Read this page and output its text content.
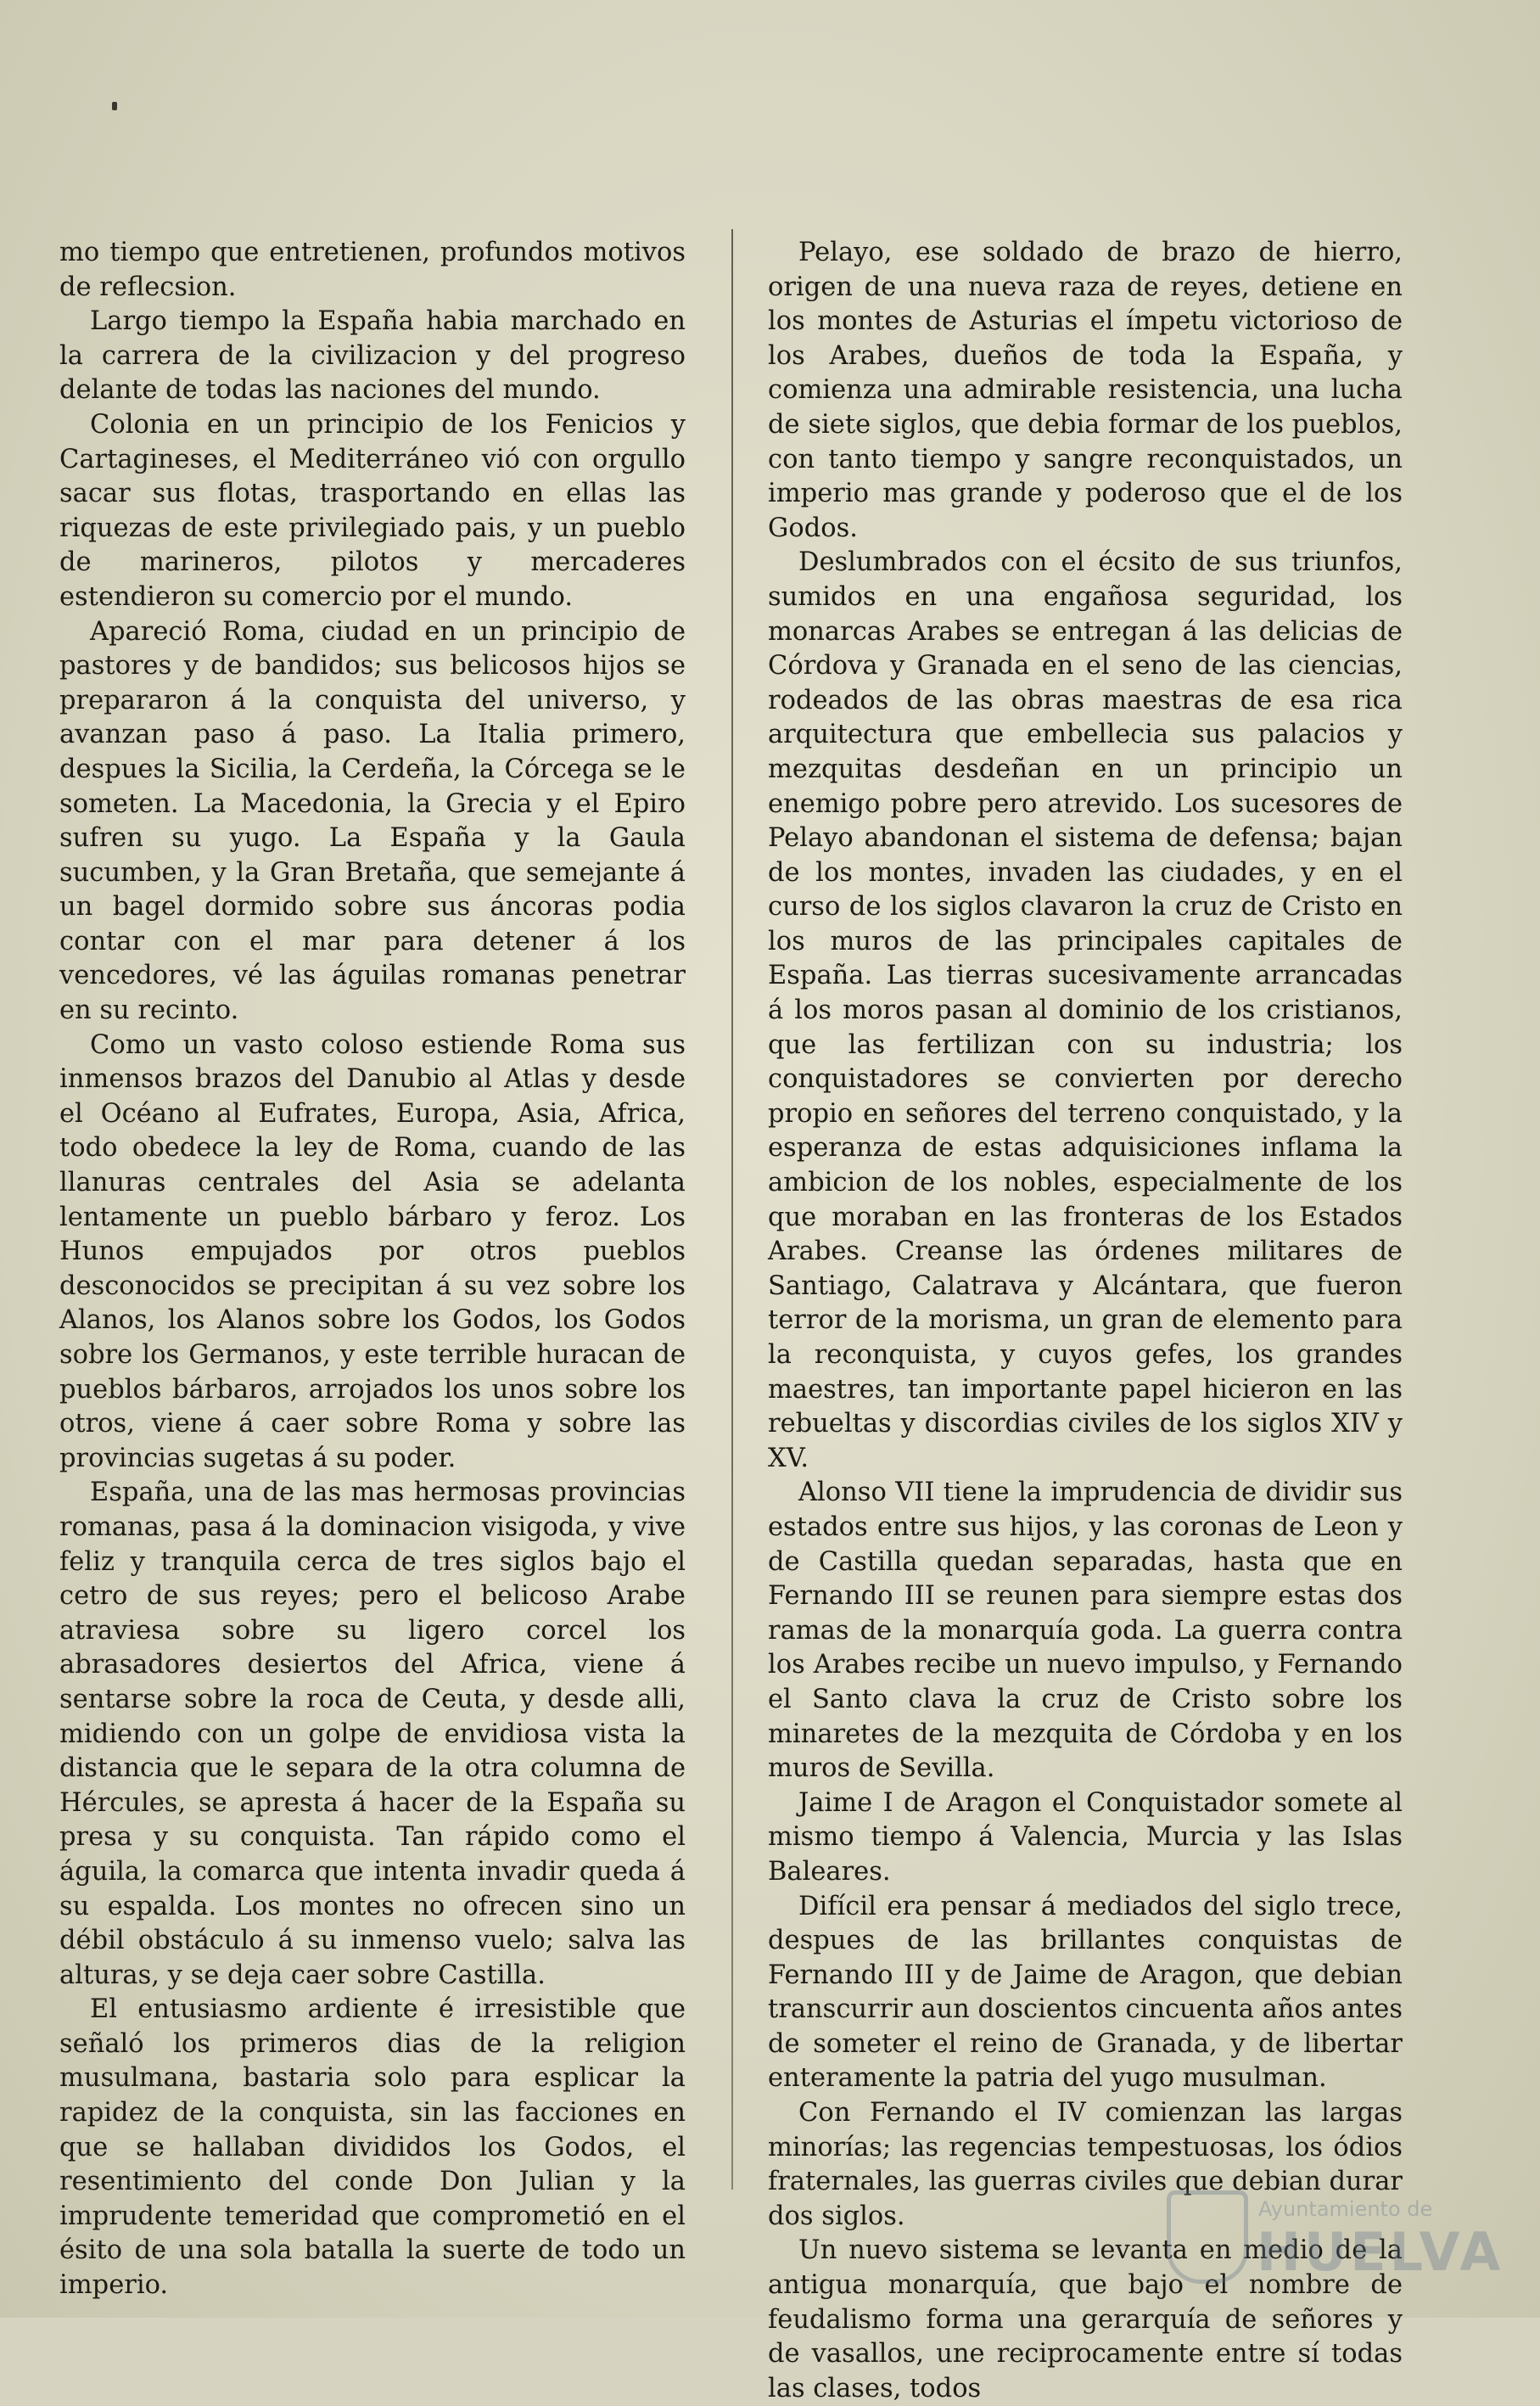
mo tiempo que entretienen, profundos motivos de reflecsion.

Largo tiempo la España habia marchado en la carrera de la civilizacion y del progreso delante de todas las naciones del mundo.

Colonia en un principio de los Fenicios y Cartagineses, el Mediterráneo vió con orgullo sacar sus flotas, trasportando en ellas las riquezas de este privilegiado pais, y un pueblo de marineros, pilotos y mercaderes estendieron su comercio por el mundo.

Apareció Roma, ciudad en un principio de pastores y de bandidos; sus belicosos hijos se prepararon á la conquista del universo, y avanzan paso á paso. La Italia primero, despues la Sicilia, la Cerdeña, la Córcega se le someten. La Macedonia, la Grecia y el Epiro sufren su yugo. La España y la Gaula sucumben, y la Gran Bretaña, que semejante á un bagel dormido sobre sus áncoras podia contar con el mar para detener á los vencedores, vé las águilas romanas penetrar en su recinto.

Como un vasto coloso estiende Roma sus inmensos brazos del Danubio al Atlas y desde el Océano al Eufrates, Europa, Asia, Africa, todo obedece la ley de Roma, cuando de las llanuras centrales del Asia se adelanta lentamente un pueblo bárbaro y feroz. Los Hunos empujados por otros pueblos desconocidos se precipitan á su vez sobre los Alanos, los Alanos sobre los Godos, los Godos sobre los Germanos, y este terrible huracan de pueblos bárbaros, arrojados los unos sobre los otros, viene á caer sobre Roma y sobre las provincias sugetas á su poder.

España, una de las mas hermosas provincias romanas, pasa á la dominacion visigoda, y vive feliz y tranquila cerca de tres siglos bajo el cetro de sus reyes; pero el belicoso Arabe atraviesa sobre su ligero corcel los abrasadores desiertos del Africa, viene á sentarse sobre la roca de Ceuta, y desde alli, midiendo con un golpe de envidiosa vista la distancia que le separa de la otra columna de Hércules, se apresta á hacer de la España su presa y su conquista. Tan rápido como el águila, la comarca que intenta invadir queda á su espalda. Los montes no ofrecen sino un débil obstáculo á su inmenso vuelo; salva las alturas, y se deja caer sobre Castilla.

El entusiasmo ardiente é irresistible que señaló los primeros dias de la religion musulmana, bastaria solo para esplicar la rapidez de la conquista, sin las facciones en que se hallaban divididos los Godos, el resentimiento del conde Don Julian y la imprudente temeridad que comprometió en el ésito de una sola batalla la suerte de todo un imperio.

Pelayo, ese soldado de brazo de hierro, origen de una nueva raza de reyes, detiene en los montes de Asturias el ímpetu victorioso de los Arabes, dueños de toda la España, y comienza una admirable resistencia, una lucha de siete siglos, que debia formar de los pueblos, con tanto tiempo y sangre reconquistados, un imperio mas grande y poderoso que el de los Godos.

Deslumbrados con el écsito de sus triunfos, sumidos en una engañosa seguridad, los monarcas Arabes se entregan á las delicias de Córdova y Granada en el seno de las ciencias, rodeados de las obras maestras de esa rica arquitectura que embellecia sus palacios y mezquitas desdeñan en un principio un enemigo pobre pero atrevido. Los sucesores de Pelayo abandonan el sistema de defensa; bajan de los montes, invaden las ciudades, y en el curso de los siglos clavaron la cruz de Cristo en los muros de las principales capitales de España. Las tierras sucesivamente arrancadas á los moros pasan al dominio de los cristianos, que las fertilizan con su industria; los conquistadores se convierten por derecho propio en señores del terreno conquistado, y la esperanza de estas adquisiciones inflama la ambicion de los nobles, especialmente de los que moraban en las fronteras de los Estados Arabes. Creanse las órdenes militares de Santiago, Calatrava y Alcántara, que fueron terror de la morisma, un gran de elemento para la reconquista, y cuyos gefes, los grandes maestres, tan importante papel hicieron en las rebueltas y discordias civiles de los siglos XIV y XV.

Alonso VII tiene la imprudencia de dividir sus estados entre sus hijos, y las coronas de Leon y de Castilla quedan separadas, hasta que en Fernando III se reunen para siempre estas dos ramas de la monarquía goda. La guerra contra los Arabes recibe un nuevo impulso, y Fernando el Santo clava la cruz de Cristo sobre los minaretes de la mezquita de Córdoba y en los muros de Sevilla.

Jaime I de Aragon el Conquistador somete al mismo tiempo á Valencia, Murcia y las Islas Baleares.

Difícil era pensar á mediados del siglo trece, despues de las brillantes conquistas de Fernando III y de Jaime de Aragon, que debian transcurrir aun doscientos cincuenta años antes de someter el reino de Granada, y de libertar enteramente la patria del yugo musulman.

Con Fernando el IV comienzan las largas minorías; las regencias tempestuosas, los ódios fraternales, las guerras civiles que debian durar dos siglos.

Un nuevo sistema se levanta en medio de la antigua monarquía, que bajo el nombre de feudalismo forma una gerarquía de señores y de vasallos, une reciprocamente entre sí todas las clases, todos

Ayuntamiento de
HUELVA
